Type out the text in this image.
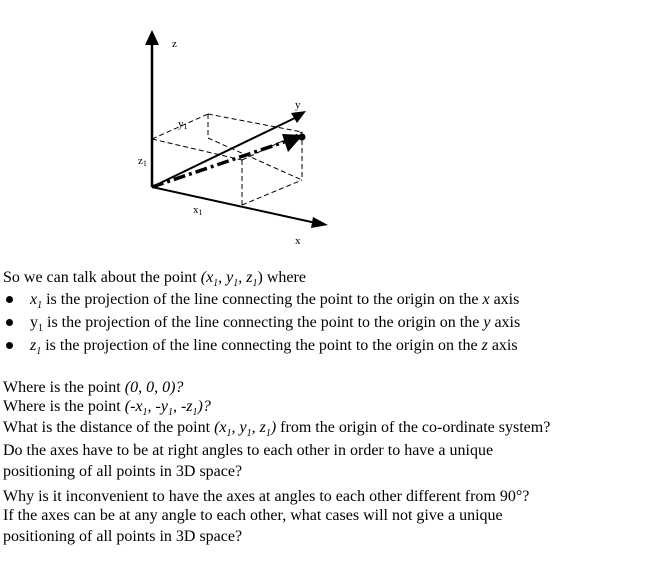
z
y
x
z1
y1
x1
So we can talk about the point ($x_1$, $y_1$, $z_1$) where
$x_1$ is the projection of the line connecting the point to the origin on the x axis
$y_1$ is the projection of the line connecting the point to the origin on the y axis
$z_1$ is the projection of the line connecting the point to the origin on the z axis
Where is the point (0, 0, 0)?
Where is the point ($-x_1$, $-y_1$, $-z_1$)?
What is the distance of the point ($x_1$, $y_1$, $z_1$) from the origin of the co-ordinate system?
Do the axes have to be at right angles to each other in order to have a unique
positioning of all points in 3D space?
Why is it inconvenient to have the axes at angles to each other different from 90°?
If the axes can be at any angle to each other, what cases will not give a unique
positioning of all points in 3D space?
